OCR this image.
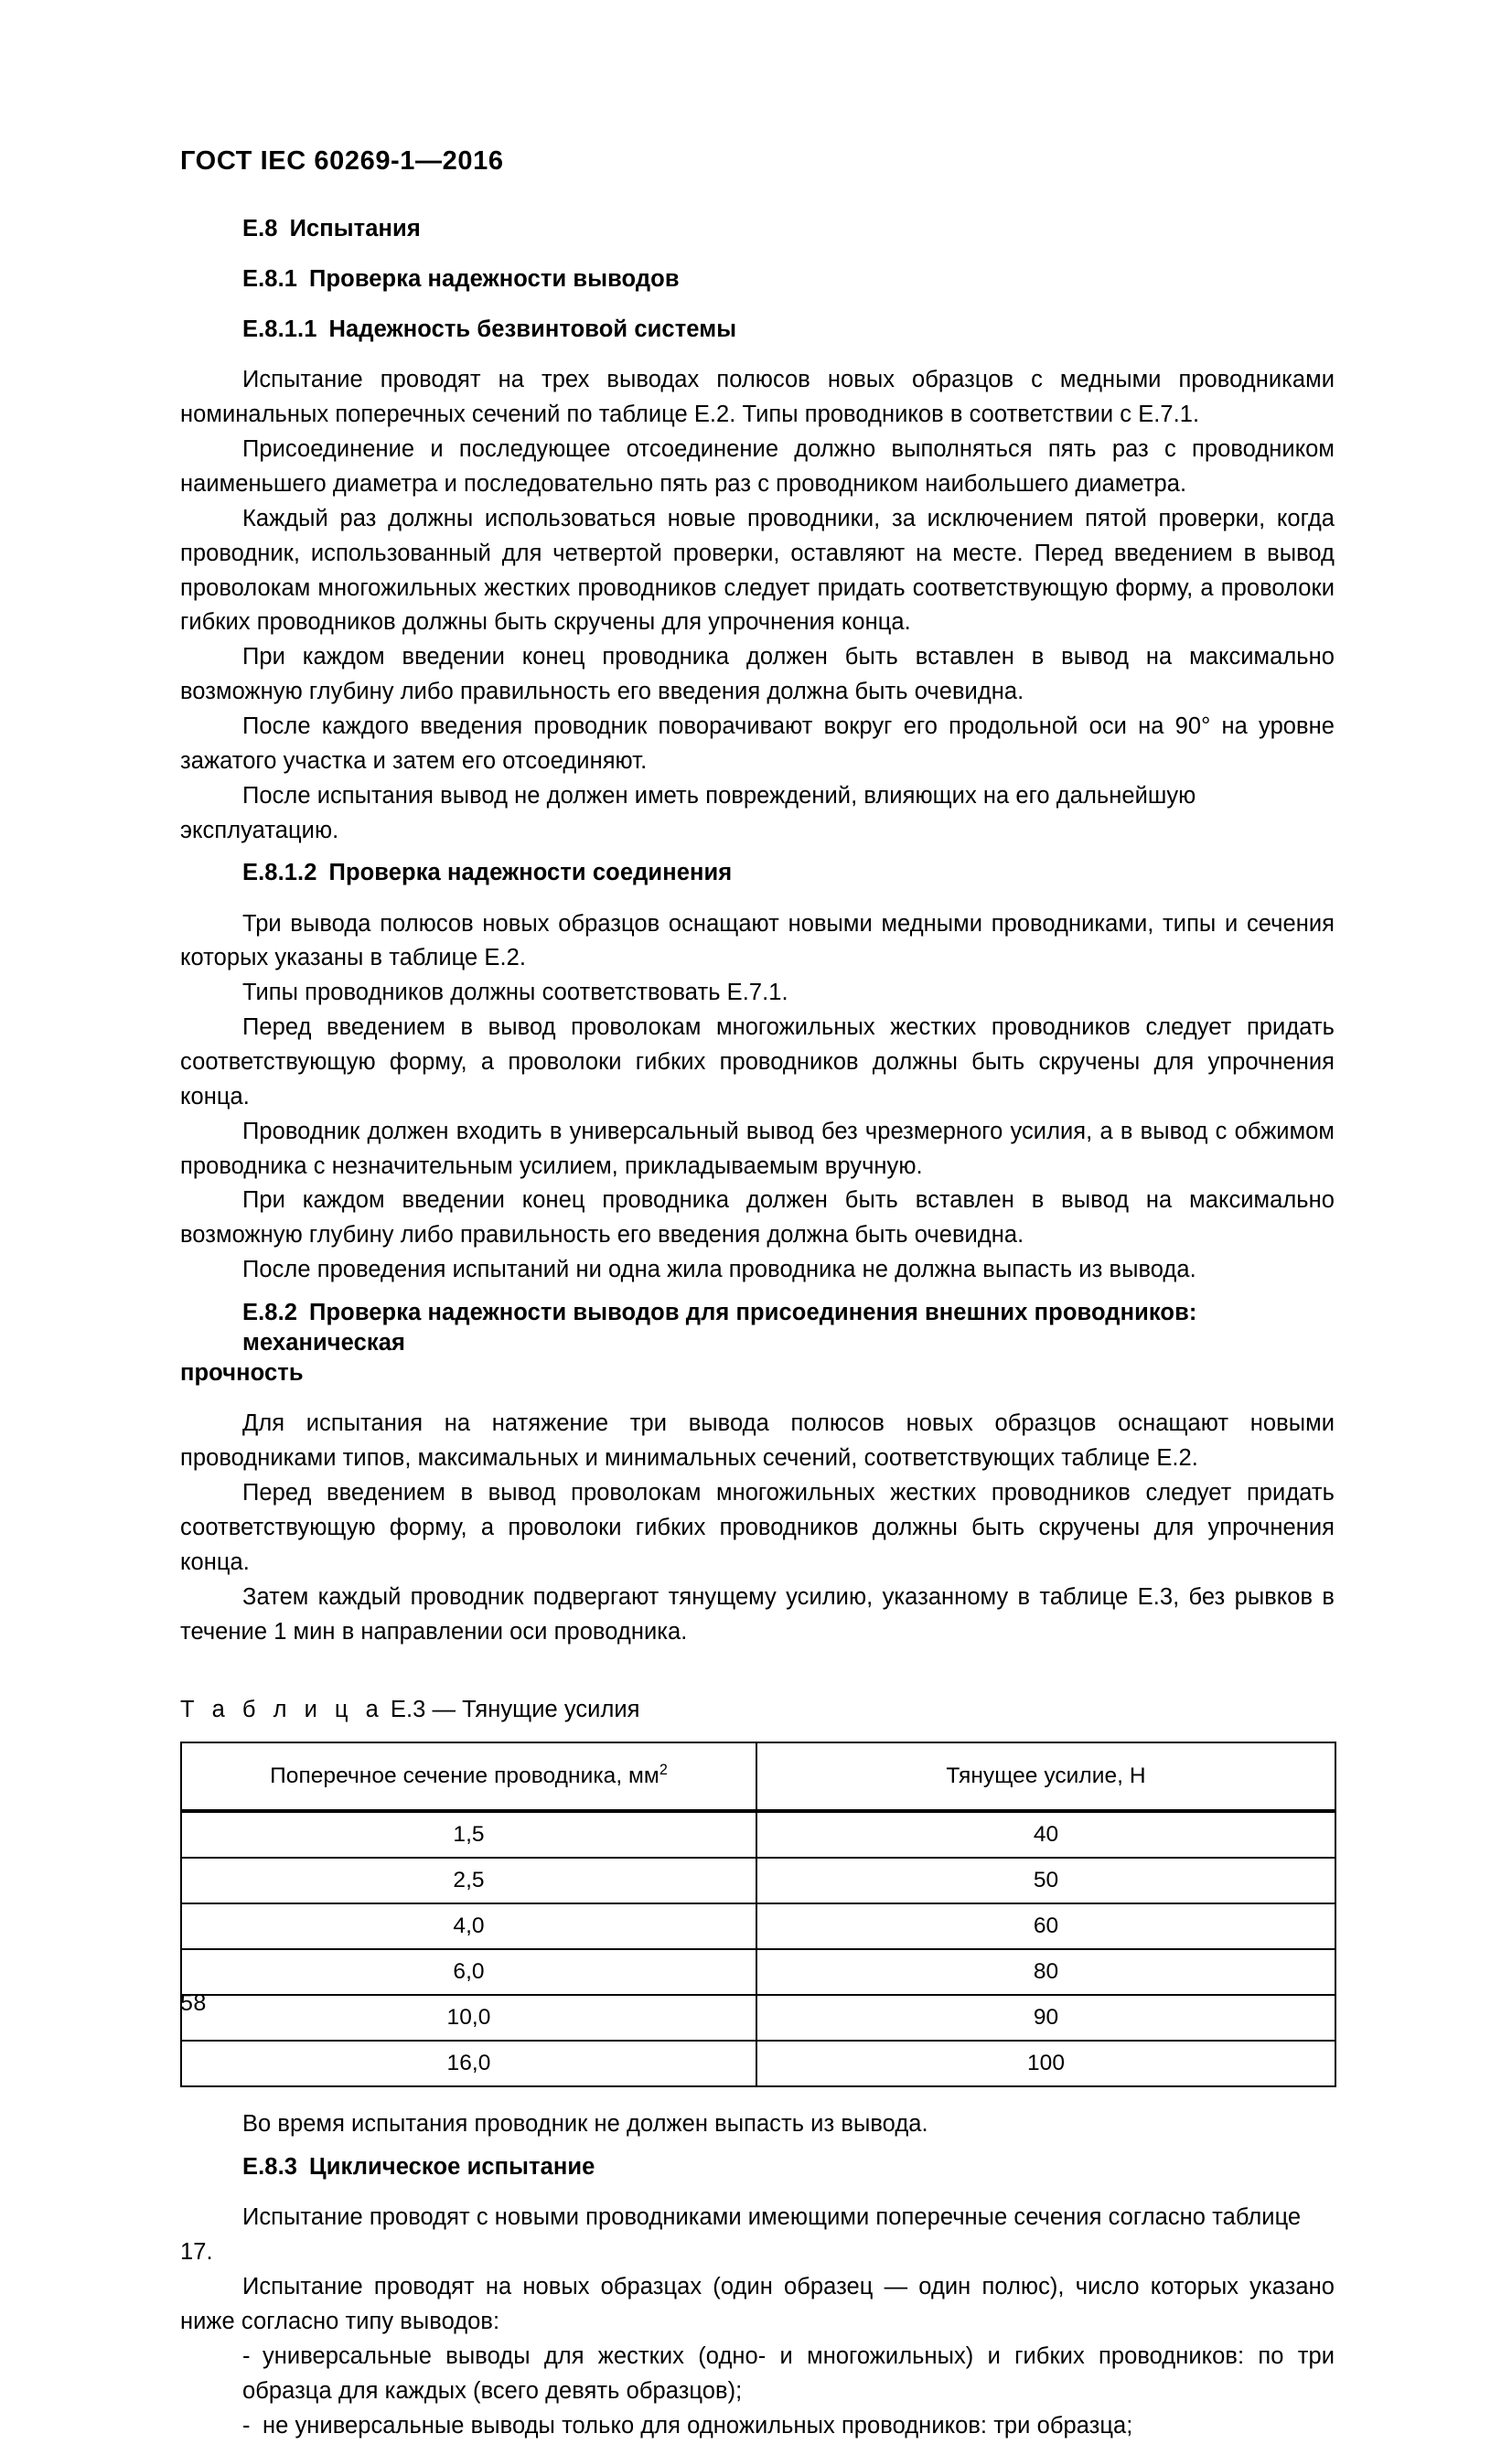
ГОСТ IEC 60269-1—2016
E.8 Испытания
E.8.1 Проверка надежности выводов
E.8.1.1 Надежность безвинтовой системы

Испытание проводят на трех выводах полюсов новых образцов с медными проводниками номинальных поперечных сечений по таблице E.2. Типы проводников в соответствии с E.7.1.

Присоединение и последующее отсоединение должно выполняться пять раз с проводником наименьшего диаметра и последовательно пять раз с проводником наибольшего диаметра.

Каждый раз должны использоваться новые проводники, за исключением пятой проверки, когда проводник, использованный для четвертой проверки, оставляют на месте. Перед введением в вывод проволокам многожильных жестких проводников следует придать соответствующую форму, а проволоки гибких проводников должны быть скручены для упрочнения конца.

При каждом введении конец проводника должен быть вставлен в вывод на максимально возможную глубину либо правильность его введения должна быть очевидна.

После каждого введения проводник поворачивают вокруг его продольной оси на 90° на уровне зажатого участка и затем его отсоединяют.

После испытания вывод не должен иметь повреждений, влияющих на его дальнейшую эксплуатацию.

E.8.1.2 Проверка надежности соединения

Три вывода полюсов новых образцов оснащают новыми медными проводниками, типы и сечения которых указаны в таблице E.2.

Типы проводников должны соответствовать E.7.1.

Перед введением в вывод проволокам многожильных жестких проводников следует придать соответствующую форму, а проволоки гибких проводников должны быть скручены для упрочнения конца.

Проводник должен входить в универсальный вывод без чрезмерного усилия, а в вывод с обжимом проводника с незначительным усилием, прикладываемым вручную.

При каждом введении конец проводника должен быть вставлен в вывод на максимально возможную глубину либо правильность его введения должна быть очевидна.

После проведения испытаний ни одна жила проводника не должна выпасть из вывода.

E.8.2 Проверка надежности выводов для присоединения внешних проводников: механическая
прочность

Для испытания на натяжение три вывода полюсов новых образцов оснащают новыми проводниками типов, максимальных и минимальных сечений, соответствующих таблице E.2.

Перед введением в вывод проволокам многожильных жестких проводников следует придать соответствующую форму, а проволоки гибких проводников должны быть скручены для упрочнения конца.

Затем каждый проводник подвергают тянущему усилию, указанному в таблице E.3, без рывков в течение 1 мин в направлении оси проводника.

Т а б л и ц а E.3 — Тянущие усилия

Поперечное сечение проводника, $мм^2$	Тянущее усилие, Н
1,5	40
2,5	50
4,0	60
6,0	80
10,0	90
16,0	100

Во время испытания проводник не должен выпасть из вывода.

E.8.3 Циклическое испытание

Испытание проводят с новыми проводниками имеющими поперечные сечения согласно таблице 17.

Испытание проводят на новых образцах (один образец — один полюс), число которых указано ниже согласно типу выводов:

- универсальные выводы для жестких (одно- и многожильных) и гибких проводников: по три образца для каждых (всего девять образцов);

- не универсальные выводы только для одножильных проводников: три образца;

58
